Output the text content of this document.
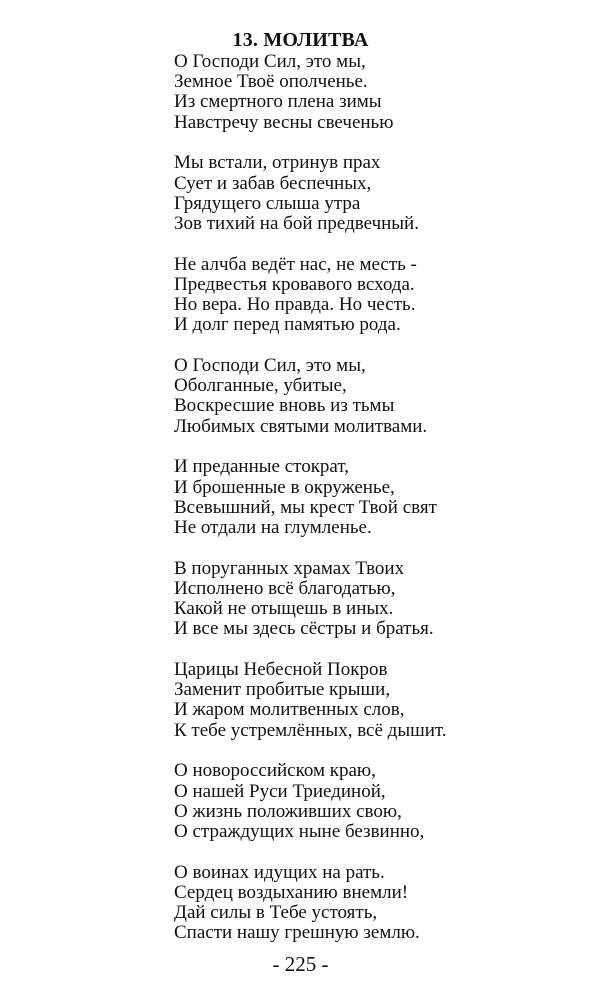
13. МОЛИТВА
О Господи Сил, это мы,
Земное Твоё ополченье.
Из смертного плена зимы
Навстречу весны свеченью
Мы встали, отринув прах
Сует и забав беспечных,
Грядущего слыша утра
Зов тихий на бой предвечный.
Не алчба ведёт нас, не месть -
Предвестья кровавого всхода.
Но вера. Но правда. Но честь.
И долг перед памятью рода.
О Господи Сил, это мы,
Оболганные, убитые,
Воскресшие вновь из тьмы
Любимых святыми молитвами.
И преданные стократ,
И брошенные в окруженье,
Всевышний, мы крест Твой свят
Не отдали на глумленье.
В поруганных храмах Твоих
Исполнено всё благодатью,
Какой не отыщешь в иных.
И все мы здесь сёстры и братья.
Царицы Небесной Покров
Заменит пробитые крыши,
И жаром молитвенных слов,
К тебе устремлённых, всё дышит.
О новороссийском краю,
О нашей Руси Триединой,
О жизнь положивших свою,
О страждущих ныне безвинно,
О воинах идущих на рать.
Сердец воздыханию внемли!
Дай силы в Тебе устоять,
Спасти нашу грешную землю.
- 225 -
